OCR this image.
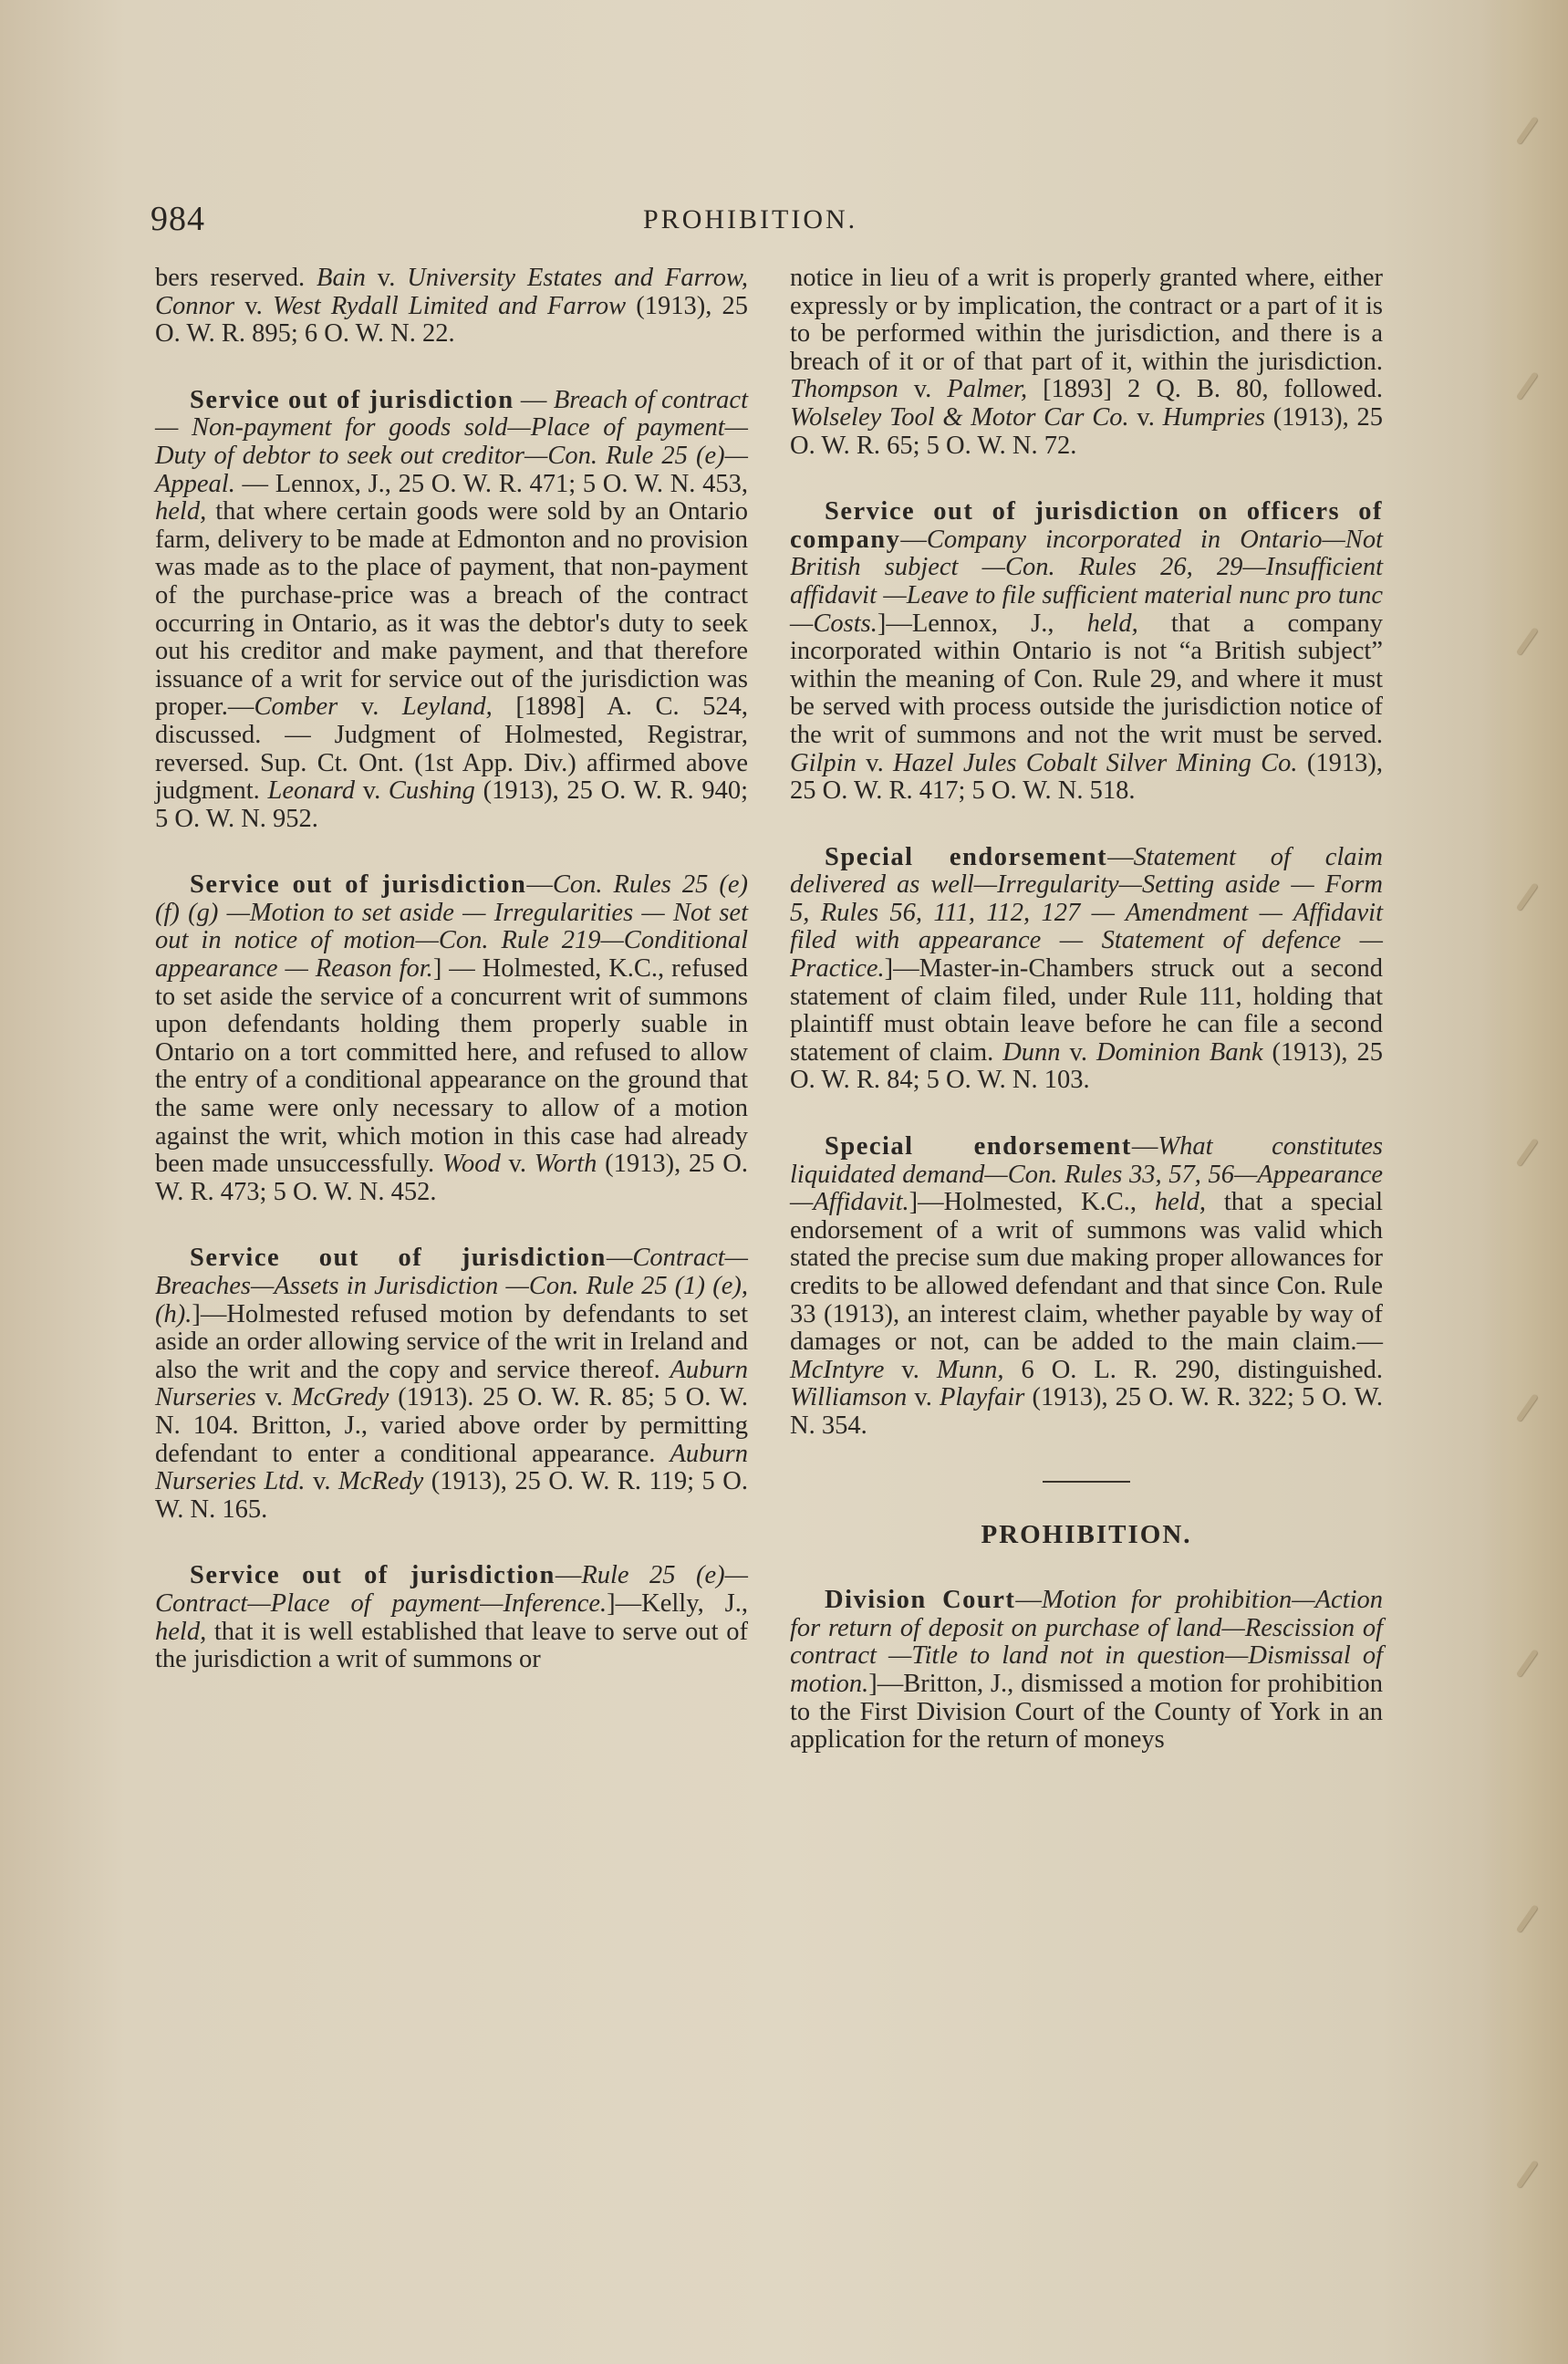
984	PROHIBITION.

bers reserved. Bain v. University Estates and Farrow, Connor v. West Rydall Limited and Farrow (1913), 25 O. W. R. 895; 6 O. W. N. 22.

Service out of jurisdiction — Breach of contract — Non-payment for goods sold—Place of payment—Duty of debtor to seek out creditor—Con. Rule 25 (e)—Appeal. — Lennox, J., 25 O. W. R. 471; 5 O. W. N. 453, held, that where certain goods were sold by an Ontario farm, delivery to be made at Edmonton and no provision was made as to the place of payment, that non-payment of the purchase-price was a breach of the contract occurring in Ontario, as it was the debtor's duty to seek out his creditor and make payment, and that therefore issuance of a writ for service out of the jurisdiction was proper.—Comber v. Leyland, [1898] A. C. 524, discussed. — Judgment of Holmested, Registrar, reversed. Sup. Ct. Ont. (1st App. Div.) affirmed above judgment. Leonard v. Cushing (1913), 25 O. W. R. 940; 5 O. W. N. 952.

Service out of jurisdiction—Con. Rules 25 (e) (f) (g) —Motion to set aside — Irregularities — Not set out in notice of motion—Con. Rule 219—Conditional appearance — Reason for.] — Holmested, K.C., refused to set aside the service of a concurrent writ of summons upon defendants holding them properly suable in Ontario on a tort committed here, and refused to allow the entry of a conditional appearance on the ground that the same were only necessary to allow of a motion against the writ, which motion in this case had already been made unsuccessfully. Wood v. Worth (1913), 25 O. W. R. 473; 5 O. W. N. 452.

Service out of jurisdiction—Contract—Breaches—Assets in Jurisdiction —Con. Rule 25 (1) (e), (h).]—Holmested refused motion by defendants to set aside an order allowing service of the writ in Ireland and also the writ and the copy and service thereof. Auburn Nurseries v. McGredy (1913). 25 O. W. R. 85; 5 O. W. N. 104. Britton, J., varied above order by permitting defendant to enter a conditional appearance. Auburn Nurseries Ltd. v. McRedy (1913), 25 O. W. R. 119; 5 O. W. N. 165.

Service out of jurisdiction—Rule 25 (e)—Contract—Place of payment—Inference.]—Kelly, J., held, that it is well established that leave to serve out of the jurisdiction a writ of summons or

notice in lieu of a writ is properly granted where, either expressly or by implication, the contract or a part of it is to be performed within the jurisdiction, and there is a breach of it or of that part of it, within the jurisdiction. Thompson v. Palmer, [1893] 2 Q. B. 80, followed. Wolseley Tool & Motor Car Co. v. Humpries (1913), 25 O. W. R. 65; 5 O. W. N. 72.

Service out of jurisdiction on officers of company—Company incorporated in Ontario—Not British subject —Con. Rules 26, 29—Insufficient affidavit —Leave to file sufficient material nunc pro tunc—Costs.]—Lennox, J., held, that a company incorporated within Ontario is not “a British subject” within the meaning of Con. Rule 29, and where it must be served with process outside the jurisdiction notice of the writ of summons and not the writ must be served. Gilpin v. Hazel Jules Cobalt Silver Mining Co. (1913), 25 O. W. R. 417; 5 O. W. N. 518.

Special endorsement—Statement of claim delivered as well—Irregularity—Setting aside — Form 5, Rules 56, 111, 112, 127 — Amendment — Affidavit filed with appearance — Statement of defence —Practice.]—Master-in-Chambers struck out a second statement of claim filed, under Rule 111, holding that plaintiff must obtain leave before he can file a second statement of claim. Dunn v. Dominion Bank (1913), 25 O. W. R. 84; 5 O. W. N. 103.

Special endorsement—What constitutes liquidated demand—Con. Rules 33, 57, 56—Appearance—Affidavit.]—Holmested, K.C., held, that a special endorsement of a writ of summons was valid which stated the precise sum due making proper allowances for credits to be allowed defendant and that since Con. Rule 33 (1913), an interest claim, whether payable by way of damages or not, can be added to the main claim.—McIntyre v. Munn, 6 O. L. R. 290, distinguished. Williamson v. Playfair (1913), 25 O. W. R. 322; 5 O. W. N. 354.

PROHIBITION.

Division Court—Motion for prohibition—Action for return of deposit on purchase of land—Rescission of contract —Title to land not in question—Dismissal of motion.]—Britton, J., dismissed a motion for prohibition to the First Division Court of the County of York in an application for the return of moneys
